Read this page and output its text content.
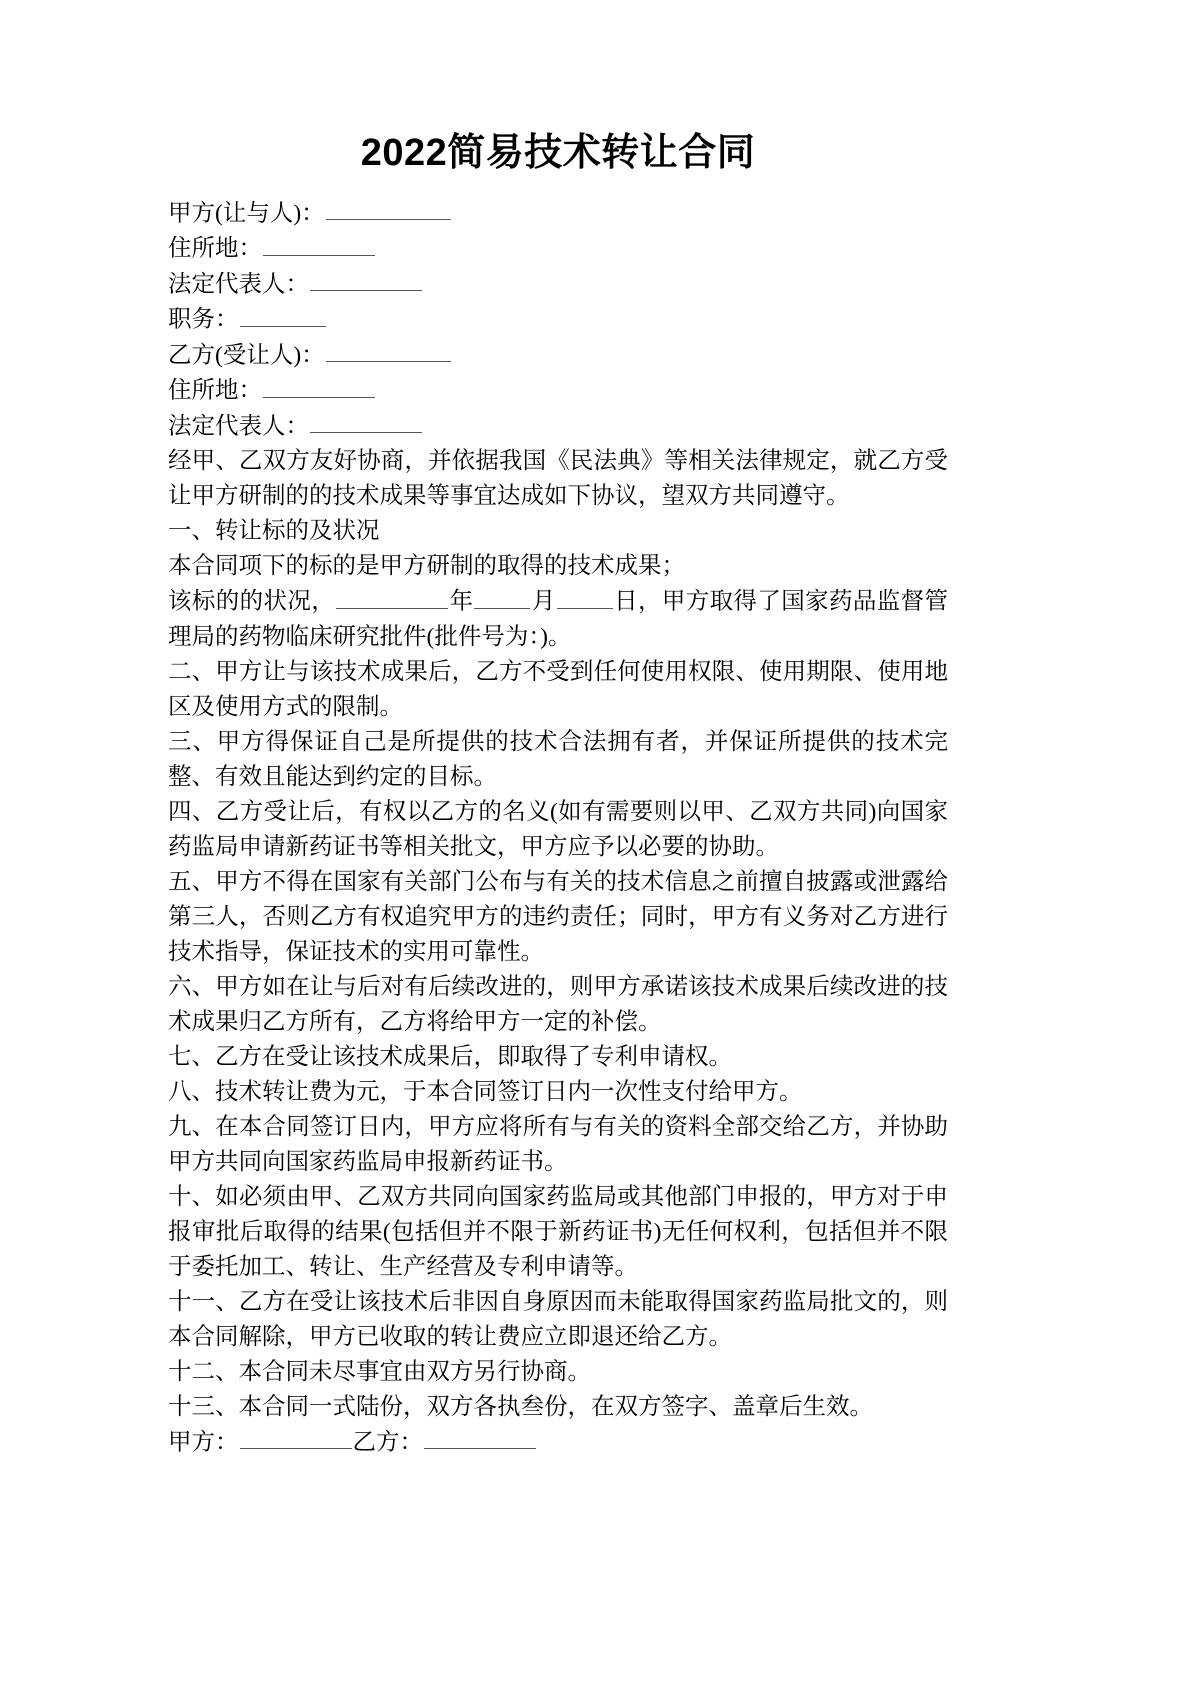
2022简易技术转让合同

甲方(让与人)：

住所地：

法定代表人：

职务：

乙方(受让人)：

住所地：

法定代表人：

经甲、乙双方友好协商，并依据我国《民法典》等相关法律规定，就乙方受让甲方研制的的技术成果等事宜达成如下协议，望双方共同遵守。

一、转让标的及状况

本合同项下的标的是甲方研制的取得的技术成果；

该标的的状况，	年 月 日，甲方取得了国家药品监督管理局的药物临床研究批件(批件号为：)。

二、甲方让与该技术成果后，乙方不受到任何使用权限、使用期限、使用地区及使用方式的限制。

三、甲方得保证自己是所提供的技术合法拥有者，并保证所提供的技术完整、有效且能达到约定的目标。

四、乙方受让后，有权以乙方的名义(如有需要则以甲、乙双方共同)向国家药监局申请新药证书等相关批文，甲方应予以必要的协助。

五、甲方不得在国家有关部门公布与有关的技术信息之前擅自披露或泄露给第三人，否则乙方有权追究甲方的违约责任；同时，甲方有义务对乙方进行技术指导，保证技术的实用可靠性。

六、甲方如在让与后对有后续改进的，则甲方承诺该技术成果后续改进的技术成果归乙方所有，乙方将给甲方一定的补偿。

七、乙方在受让该技术成果后，即取得了专利申请权。

八、技术转让费为元，于本合同签订日内一次性支付给甲方。

九、在本合同签订日内，甲方应将所有与有关的资料全部交给乙方，并协助甲方共同向国家药监局申报新药证书。

十、如必须由甲、乙双方共同向国家药监局或其他部门申报的，甲方对于申报审批后取得的结果(包括但并不限于新药证书)无任何权利，包括但并不限于委托加工、转让、生产经营及专利申请等。

十一、乙方在受让该技术后非因自身原因而未能取得国家药监局批文的，则本合同解除，甲方已收取的转让费应立即退还给乙方。

十二、本合同未尽事宜由双方另行协商。

十三、本合同一式陆份，双方各执叁份，在双方签字、盖章后生效。

甲方：	乙方：
